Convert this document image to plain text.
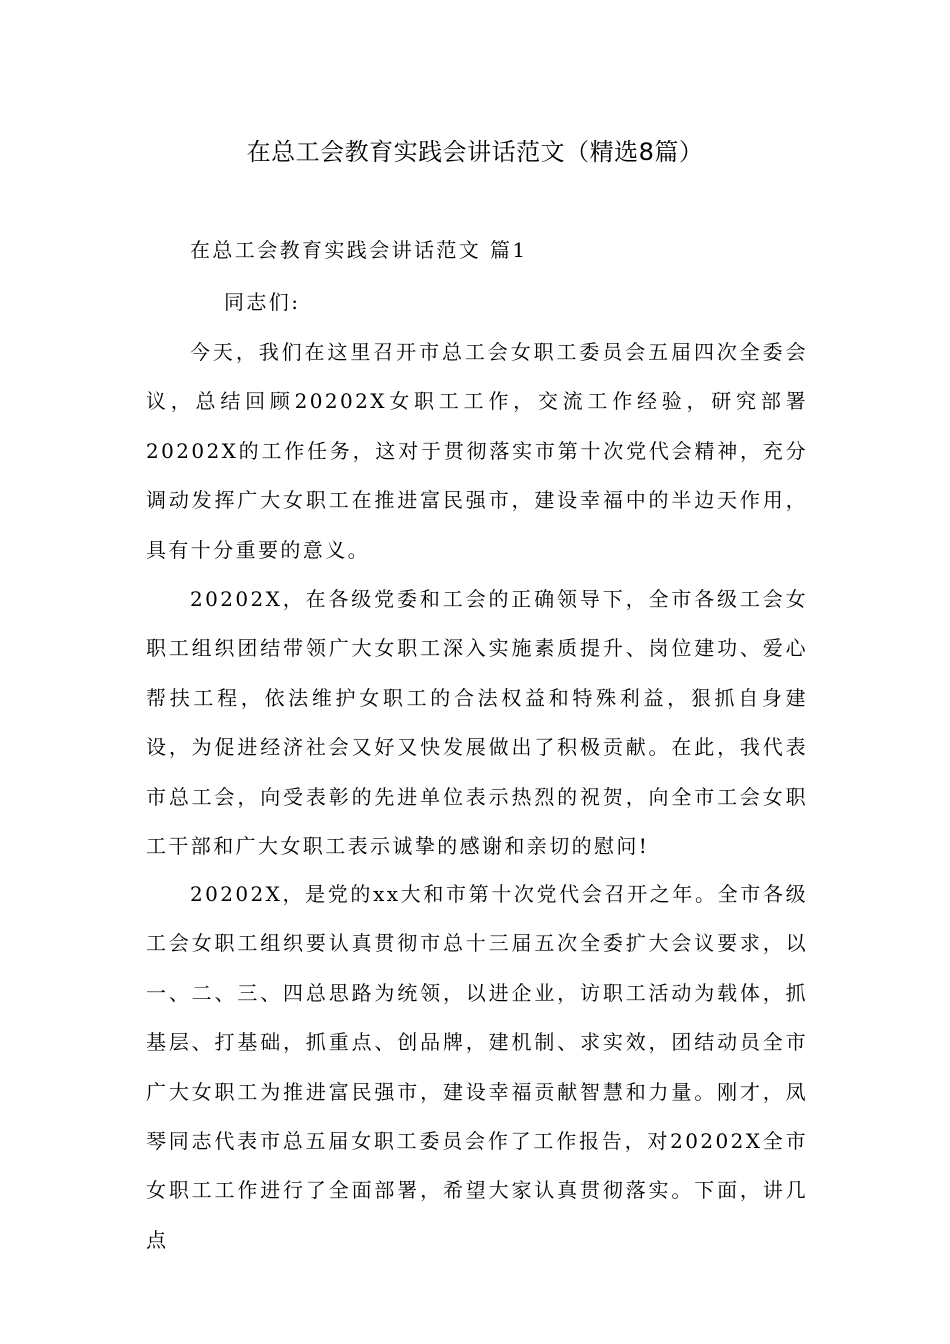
在总工会教育实践会讲话范文（精选8篇）
在总工会教育实践会讲话范文 篇1

同志们:

今天，我们在这里召开市总工会女职工委员会五届四次全委会议，总结回顾20202X女职工工作，交流工作经验，研究部署20202X的工作任务，这对于贯彻落实市第十次党代会精神，充分调动发挥广大女职工在推进富民强市，建设幸福中的半边天作用，具有十分重要的意义。

20202X，在各级党委和工会的正确领导下，全市各级工会女职工组织团结带领广大女职工深入实施素质提升、岗位建功、爱心帮扶工程，依法维护女职工的合法权益和特殊利益，狠抓自身建设，为促进经济社会又好又快发展做出了积极贡献。在此，我代表市总工会，向受表彰的先进单位表示热烈的祝贺，向全市工会女职工干部和广大女职工表示诚挚的感谢和亲切的慰问!

20202X，是党的xx大和市第十次党代会召开之年。全市各级工会女职工组织要认真贯彻市总十三届五次全委扩大会议要求，以一、二、三、四总思路为统领，以进企业，访职工活动为载体，抓基层、打基础，抓重点、创品牌，建机制、求实效，团结动员全市广大女职工为推进富民强市，建设幸福贡献智慧和力量。刚才，凤琴同志代表市总五届女职工委员会作了工作报告，对20202X全市女职工工作进行了全面部署，希望大家认真贯彻落实。下面，讲几点
